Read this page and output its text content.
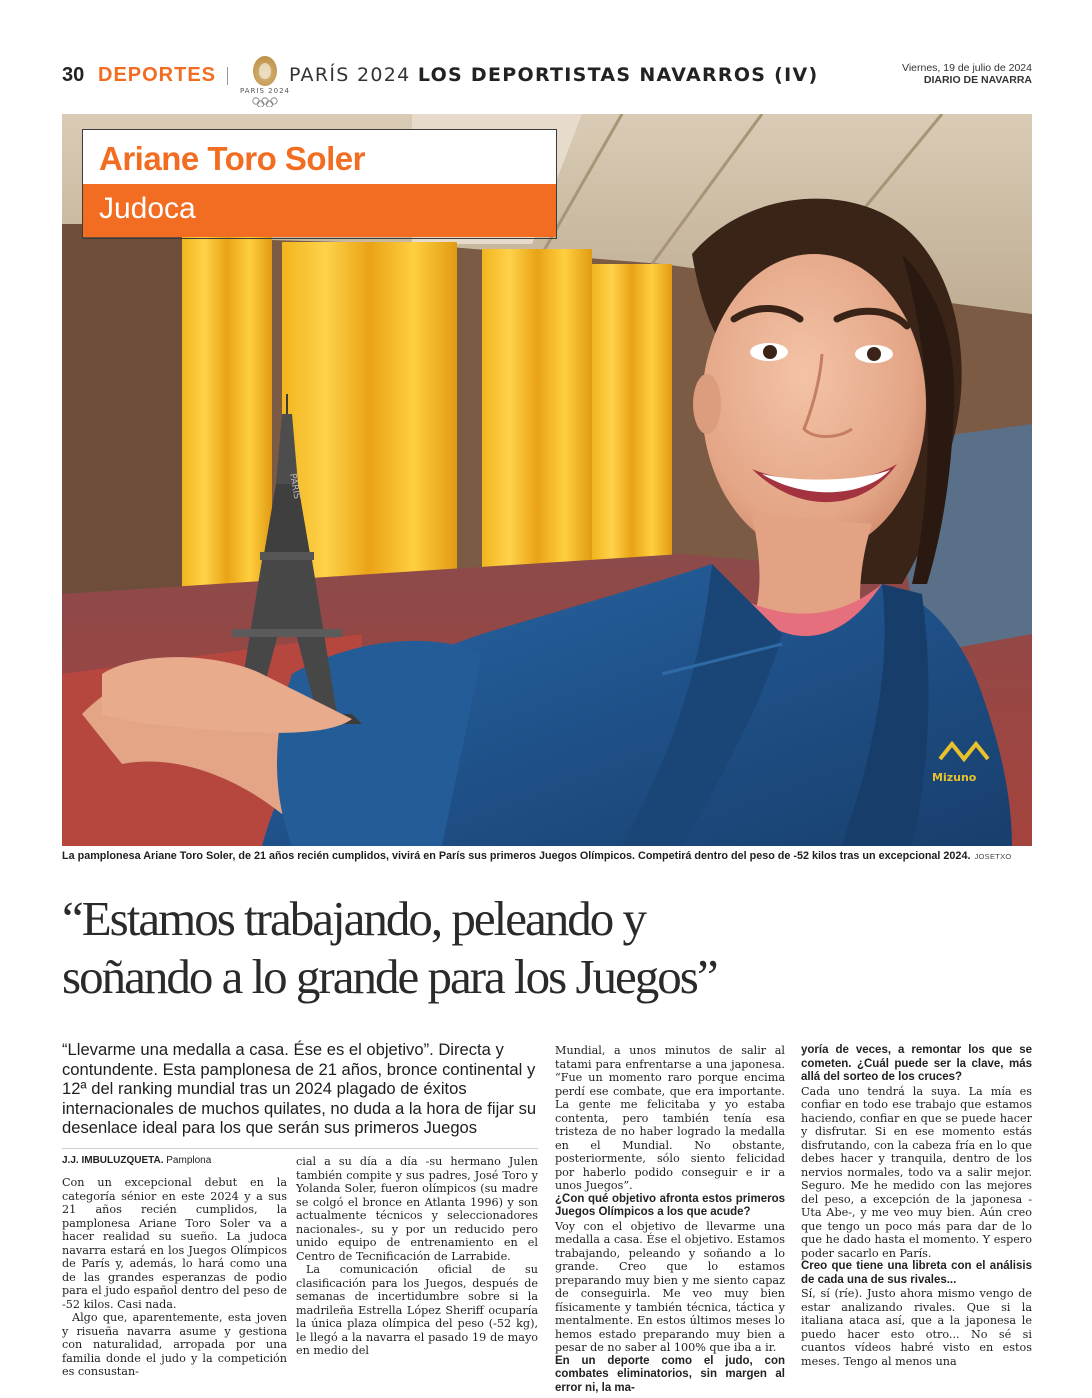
30 DEPORTES
PARIS 2024
PARÍS 2024 LOS DEPORTISTAS NAVARROS (IV)	Viernes, 19 de julio de 2024
DIARIO DE NAVARRA
PARIS
Mizuno
Ariane Toro Soler
Judoca
La pamplonesa Ariane Toro Soler, de 21 años recién cumplidos, vivirá en París sus primeros Juegos Olímpicos. Competirá dentro del peso de -52 kilos tras un excepcional 2024. JOSETXO
“Estamos trabajando, peleando y
soñando a lo grande para los Juegos”
“Llevarme una medalla a casa. Ése es el objetivo”. Directa y contundente. Esta pamplonesa de 21 años, bronce continental y 12ª del ranking mundial tras un 2024 plagado de éxitos internacionales de muchos quilates, no duda a la hora de fijar su desenlace ideal para los que serán sus primeros Juegos
J.J. IMBULUZQUETA. Pamplona

Con un excepcional debut en la categoría sénior en este 2024 y a sus 21 años recién cumplidos, la pamplonesa Ariane Toro Soler va a hacer realidad su sueño. La judoca navarra estará en los Juegos Olímpicos de París y, además, lo hará como una de las grandes esperanzas de podio para el judo español dentro del peso de -52 kilos. Casi nada.

Algo que, aparentemente, esta joven y risueña navarra asume y gestiona con naturalidad, arropada por una familia donde el judo y la competición es consustan-

cial a su día a día -su hermano Julen también compite y sus padres, José Toro y Yolanda Soler, fueron olímpicos (su madre se colgó el bronce en Atlanta 1996) y son actualmente técnicos y seleccionadores nacionales-, su y por un reducido pero unido equipo de entrenamiento en el Centro de Tecnificación de Larrabide.

La comunicación oficial de su clasificación para los Juegos, después de semanas de incertidumbre sobre si la madrileña Estrella López Sheriff ocuparía la única plaza olímpica del peso (-52 kg), le llegó a la navarra el pasado 19 de mayo en medio del

Mundial, a unos minutos de salir al tatami para enfrentarse a una japonesa. “Fue un momento raro porque encima perdí ese combate, que era importante. La gente me felicitaba y yo estaba contenta, pero también tenía esa tristeza de no haber logrado la medalla en el Mundial. No obstante, posteriormente, sólo siento felicidad por haberlo podido conseguir e ir a unos Juegos”.

¿Con qué objetivo afronta estos primeros Juegos Olímpicos a los que acude?

Voy con el objetivo de llevarme una medalla a casa. Ése el objetivo. Estamos trabajando, peleando y soñando a lo grande. Creo que lo estamos preparando muy bien y me siento capaz de conseguirla. Me veo muy bien físicamente y también técnica, táctica y mentalmente. En estos últimos meses lo hemos estado preparando muy bien a pesar de no saber al 100% que iba a ir.

En un deporte como el judo, con combates eliminatorios, sin margen al error ni, la ma-

yoría de veces, a remontar los que se cometen. ¿Cuál puede ser la clave, más allá del sorteo de los cruces?

Cada uno tendrá la suya. La mía es confiar en todo ese trabajo que estamos haciendo, confiar en que se puede hacer y disfrutar. Si en ese momento estás disfrutando, con la cabeza fría en lo que debes hacer y tranquila, dentro de los nervios normales, todo va a salir mejor. Seguro. Me he medido con las mejores del peso, a excepción de la japonesa -Uta Abe-, y me veo muy bien. Aún creo que tengo un poco más para dar de lo que he dado hasta el momento. Y espero poder sacarlo en París.

Creo que tiene una libreta con el análisis de cada una de sus rivales...

Sí, sí (ríe). Justo ahora mismo vengo de estar analizando rivales. Que si la italiana ataca así, que a la japonesa le puedo hacer esto otro... No sé si cuantos vídeos habré visto en estos meses. Tengo al menos una
